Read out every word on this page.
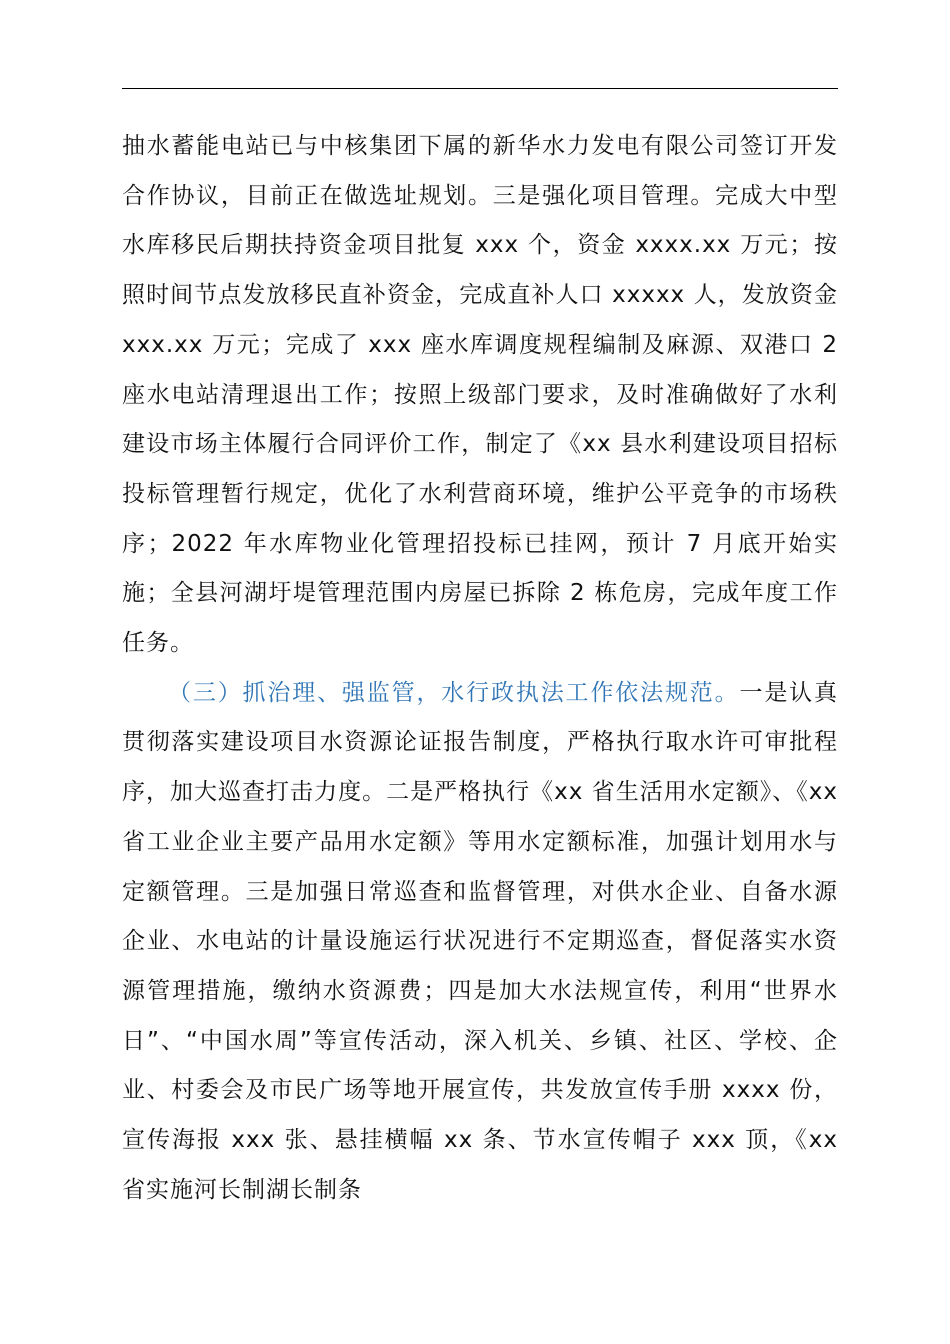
抽水蓄能电站已与中核集团下属的新华水力发电有限公司签订开发合作协议，目前正在做选址规划。三是强化项目管理。完成大中型水库移民后期扶持资金项目批复 xxx 个，资金 xxxx.xx 万元；按照时间节点发放移民直补资金，完成直补人口 xxxxx 人，发放资金 xxx.xx 万元；完成了 xxx 座水库调度规程编制及麻源、双港口 2 座水电站清理退出工作；按照上级部门要求，及时准确做好了水利建设市场主体履行合同评价工作，制定了《xx 县水利建设项目招标投标管理暂行规定，优化了水利营商环境，维护公平竞争的市场秩序；2022 年水库物业化管理招投标已挂网，预计 7 月底开始实施；全县河湖圩堤管理范围内房屋已拆除 2 栋危房，完成年度工作任务。

（三）抓治理、强监管，水行政执法工作依法规范。一是认真贯彻落实建设项目水资源论证报告制度，严格执行取水许可审批程序，加大巡查打击力度。二是严格执行《xx 省生活用水定额》、《xx 省工业企业主要产品用水定额》等用水定额标准，加强计划用水与定额管理。三是加强日常巡查和监督管理，对供水企业、自备水源企业、水电站的计量设施运行状况进行不定期巡查，督促落实水资源管理措施，缴纳水资源费；四是加大水法规宣传，利用“世界水日”、“中国水周”等宣传活动，深入机关、乡镇、社区、学校、企业、村委会及市民广场等地开展宣传，共发放宣传手册 xxxx 份，宣传海报 xxx 张、悬挂横幅 xx 条、节水宣传帽子 xxx 顶，《xx 省实施河长制湖长制条
